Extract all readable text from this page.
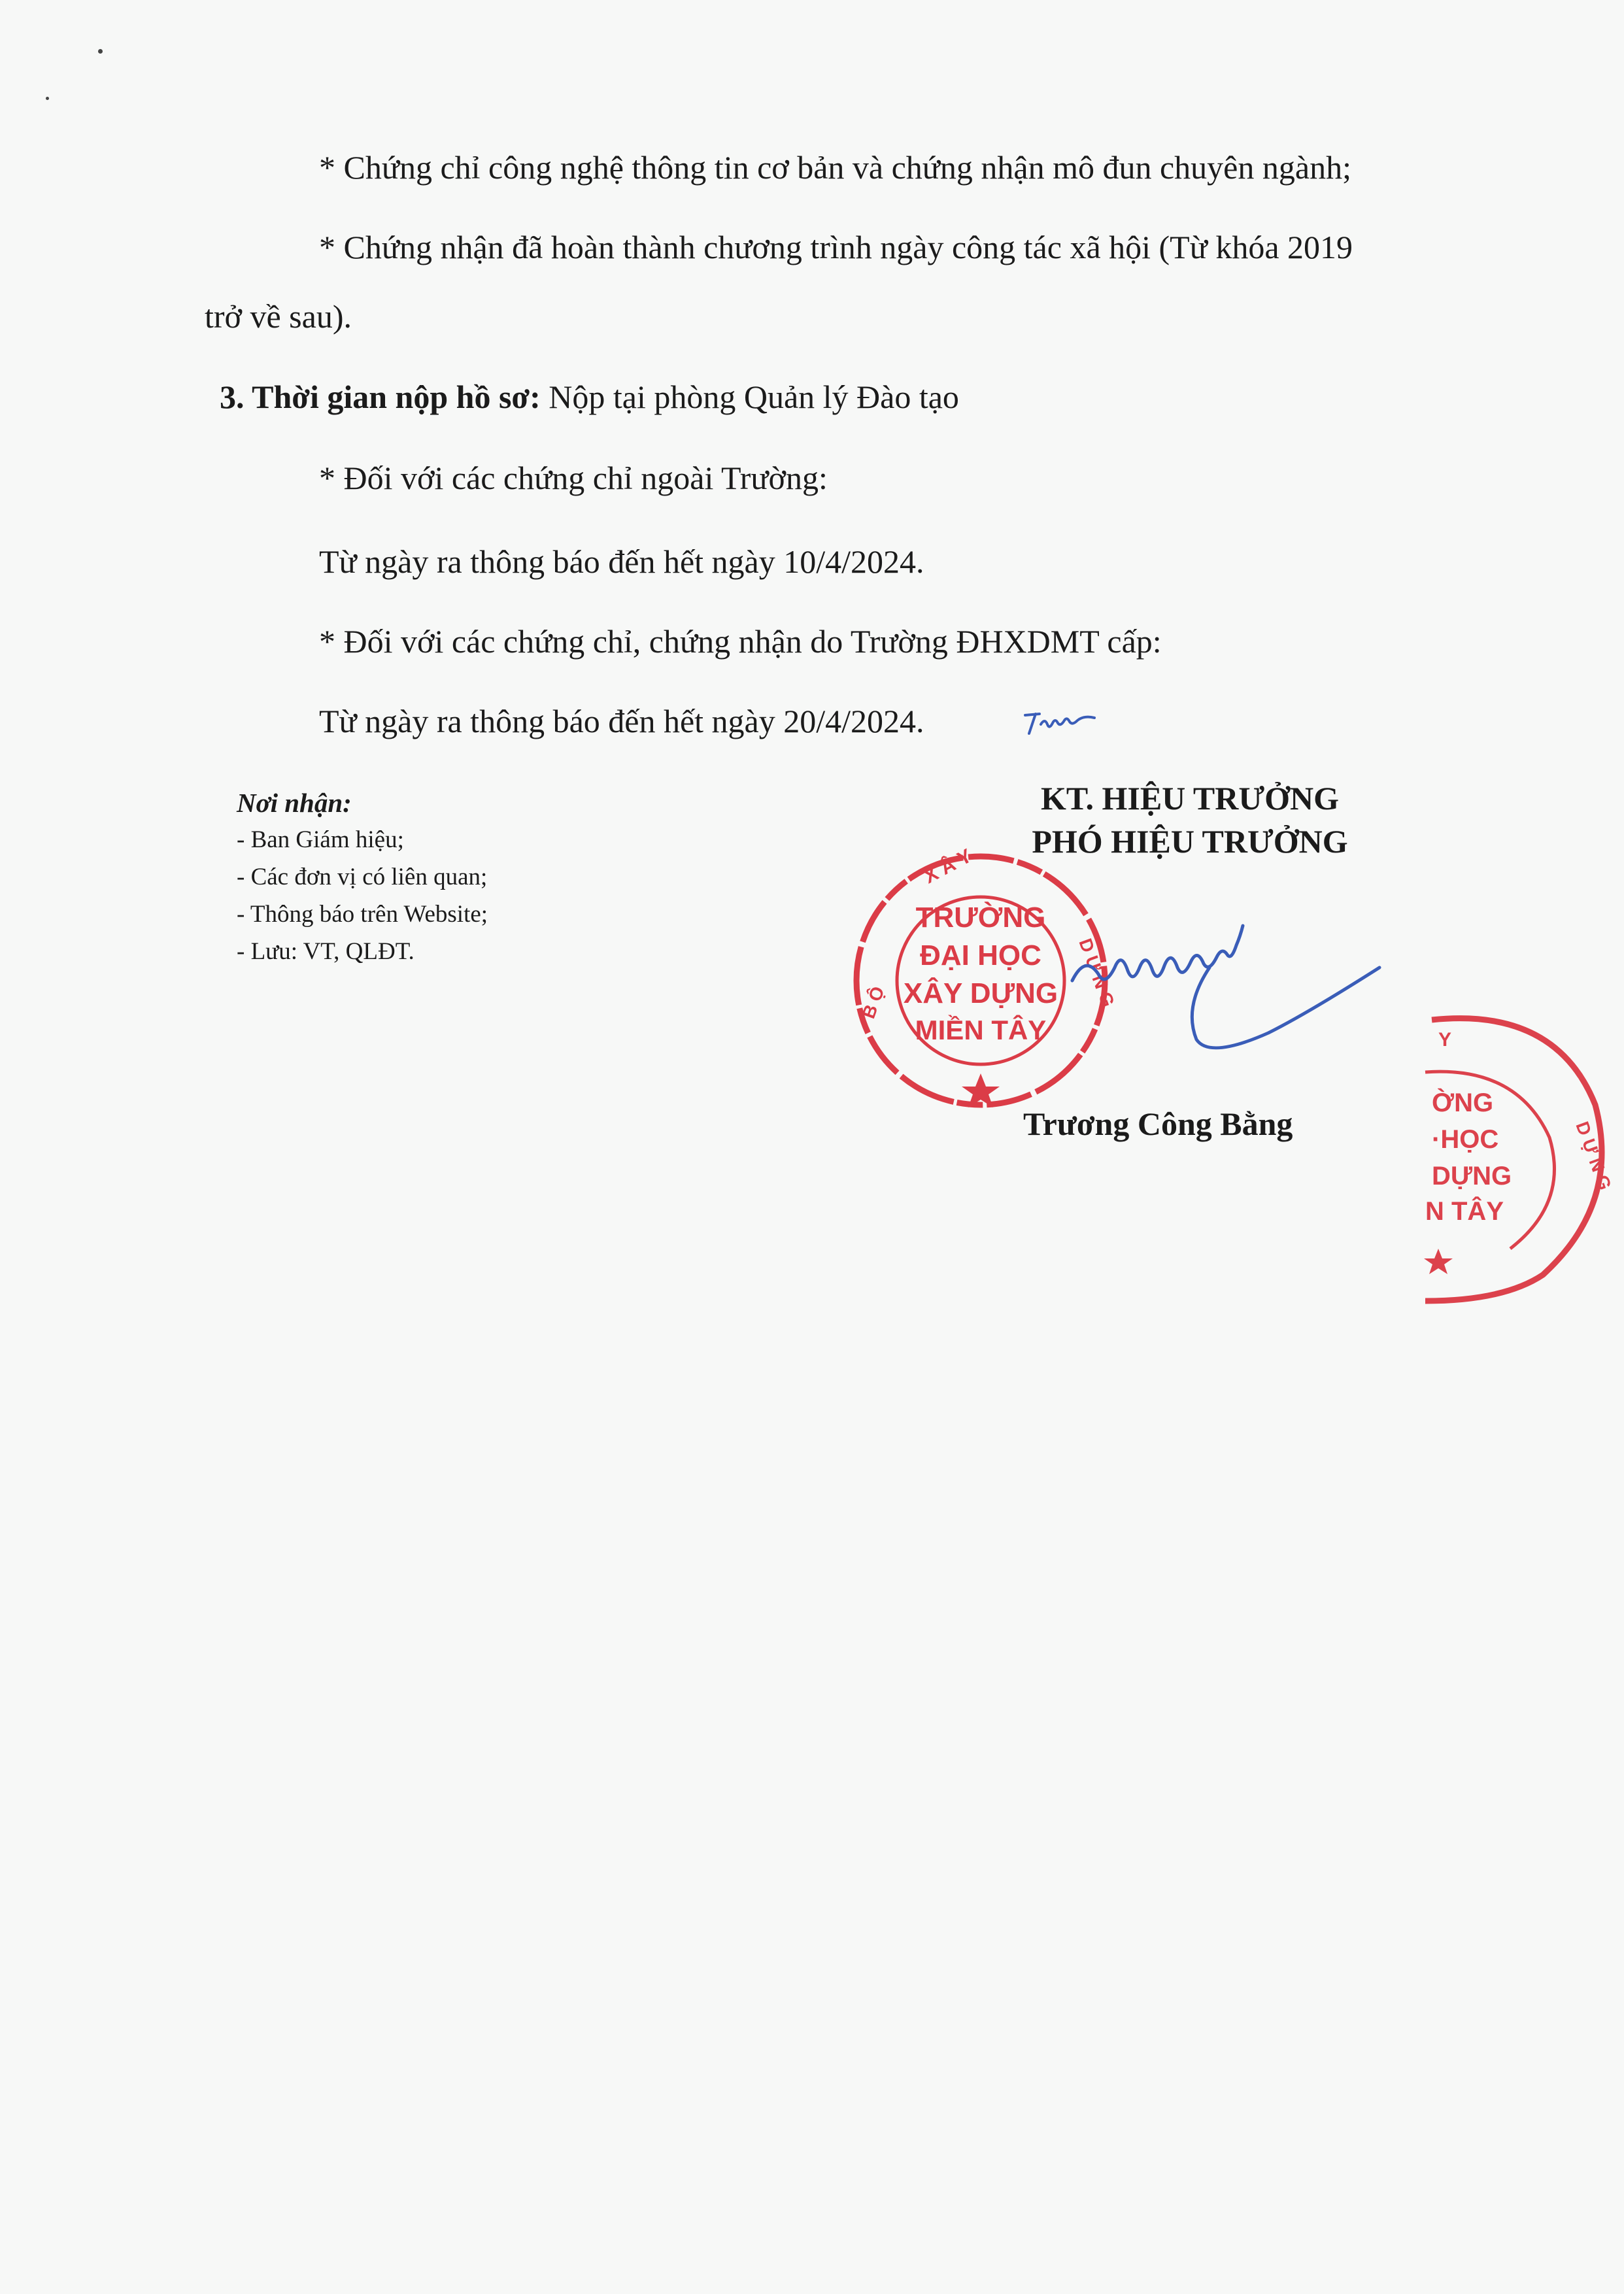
* Chứng chỉ công nghệ thông tin cơ bản và chứng nhận mô đun chuyên ngành;
* Chứng nhận đã hoàn thành chương trình ngày công tác xã hội (Từ khóa 2019
trở về sau).
3. Thời gian nộp hồ sơ: Nộp tại phòng Quản lý Đào tạo
* Đối với các chứng chỉ ngoài Trường:
Từ ngày ra thông báo đến hết ngày 10/4/2024.
* Đối với các chứng chỉ, chứng nhận do Trường ĐHXDMT cấp:
Từ ngày ra thông báo đến hết ngày 20/4/2024.
Nơi nhận:
- Ban Giám hiệu;
- Các đơn vị có liên quan;
- Thông báo trên Website;
- Lưu: VT, QLĐT.
KT. HIỆU TRƯỞNG
PHÓ HIỆU TRƯỞNG
TRƯỜNG
ĐẠI HỌC
XÂY DỰNG
MIỀN TÂY
X Â Y
B Ộ	D Ự N G
Trương Công Bằng
ỜNG
·HỌC
DỰNG
N TÂY
Y
D Ự N G
